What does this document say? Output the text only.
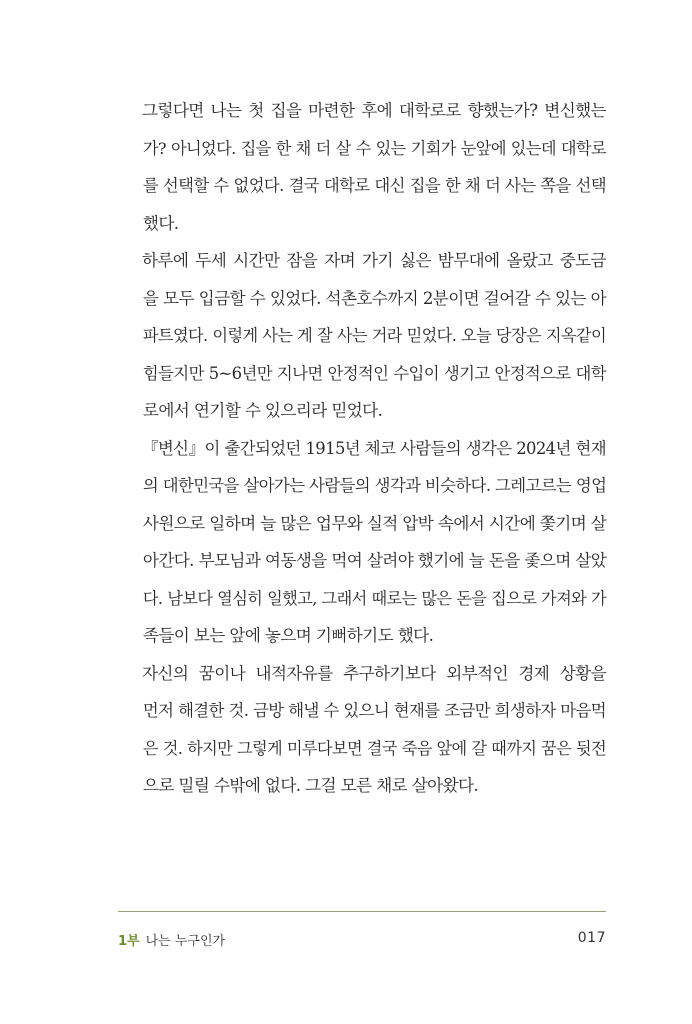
그렇다면 나는 첫 집을 마련한 후에 대학로로 향했는가? 변신했는
가? 아니었다. 집을 한 채 더 살 수 있는 기회가 눈앞에 있는데 대학로
를 선택할 수 없었다. 결국 대학로 대신 집을 한 채 더 사는 쪽을 선택
했다.

하루에 두세 시간만 잠을 자며 가기 싫은 밤무대에 올랐고 중도금
을 모두 입금할 수 있었다. 석촌호수까지 2분이면 걸어갈 수 있는 아
파트였다. 이렇게 사는 게 잘 사는 거라 믿었다. 오늘 당장은 지옥같이
힘들지만 5~6년만 지나면 안정적인 수입이 생기고 안정적으로 대학
로에서 연기할 수 있으리라 믿었다.

『변신』이 출간되었던 1915년 체코 사람들의 생각은 2024년 현재
의 대한민국을 살아가는 사람들의 생각과 비슷하다. 그레고르는 영업
사원으로 일하며 늘 많은 업무와 실적 압박 속에서 시간에 쫓기며 살
아간다. 부모님과 여동생을 먹여 살려야 했기에 늘 돈을 좇으며 살았
다. 남보다 열심히 일했고, 그래서 때로는 많은 돈을 집으로 가져와 가
족들이 보는 앞에 놓으며 기뻐하기도 했다.

자신의 꿈이나 내적자유를 추구하기보다 외부적인 경제 상황을
먼저 해결한 것. 금방 해낼 수 있으니 현재를 조금만 희생하자 마음먹
은 것. 하지만 그렇게 미루다보면 결국 죽음 앞에 갈 때까지 꿈은 뒷전
으로 밀릴 수밖에 없다. 그걸 모른 채로 살아왔다.

1부 나는 누구인가	017
